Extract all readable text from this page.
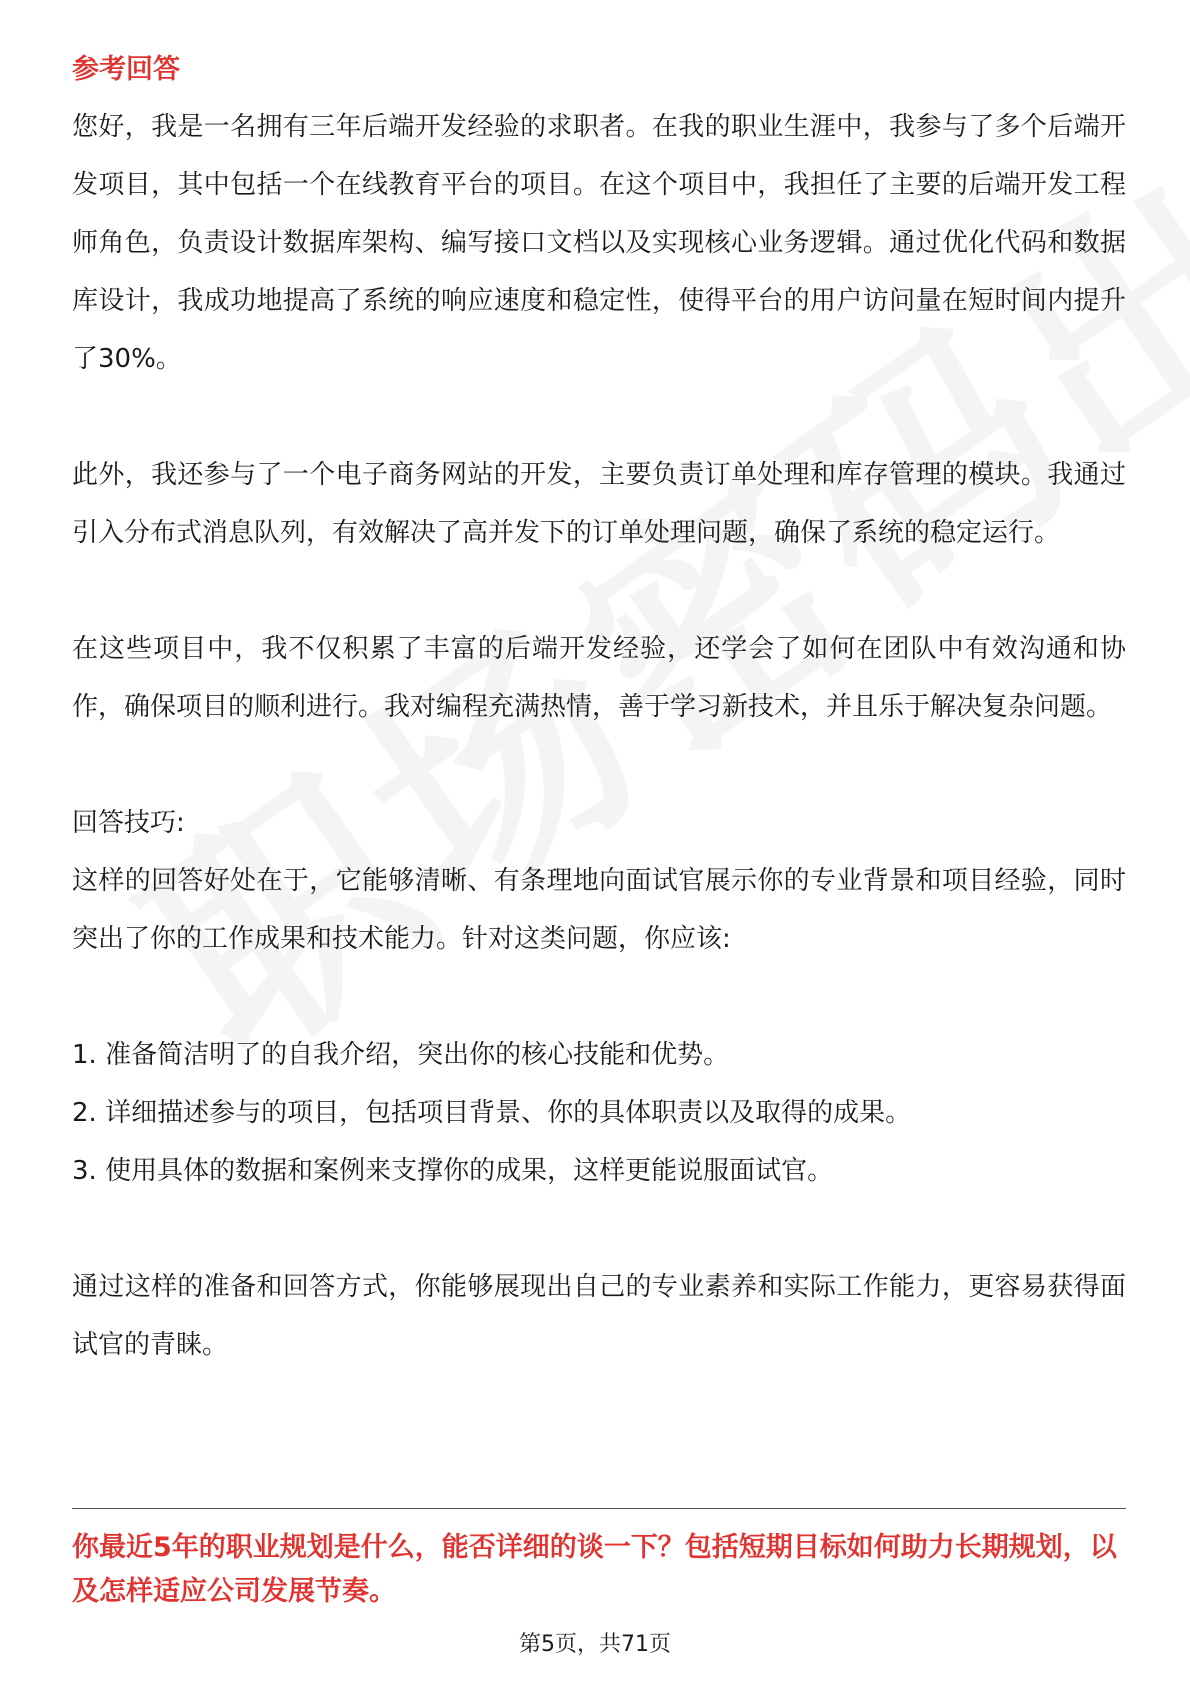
参考回答

您好，我是一名拥有三年后端开发经验的求职者。在我的职业生涯中，我参与了多个后端开发项目，其中包括一个在线教育平台的项目。在这个项目中，我担任了主要的后端开发工程师角色，负责设计数据库架构、编写接口文档以及实现核心业务逻辑。通过优化代码和数据库设计，我成功地提高了系统的响应速度和稳定性，使得平台的用户访问量在短时间内提升了30%。

此外，我还参与了一个电子商务网站的开发，主要负责订单处理和库存管理的模块。我通过引入分布式消息队列，有效解决了高并发下的订单处理问题，确保了系统的稳定运行。

在这些项目中，我不仅积累了丰富的后端开发经验，还学会了如何在团队中有效沟通和协作，确保项目的顺利进行。我对编程充满热情，善于学习新技术，并且乐于解决复杂问题。

回答技巧:

这样的回答好处在于，它能够清晰、有条理地向面试官展示你的专业背景和项目经验，同时突出了你的工作成果和技术能力。针对这类问题，你应该:

1. 准备简洁明了的自我介绍，突出你的核心技能和优势。

2. 详细描述参与的项目，包括项目背景、你的具体职责以及取得的成果。

3. 使用具体的数据和案例来支撑你的成果，这样更能说服面试官。

通过这样的准备和回答方式，你能够展现出自己的专业素养和实际工作能力，更容易获得面试官的青睐。

你最近5年的职业规划是什么，能否详细的谈一下？包括短期目标如何助力长期规划，以及怎样适应公司发展节奏。

第5页，共71页
